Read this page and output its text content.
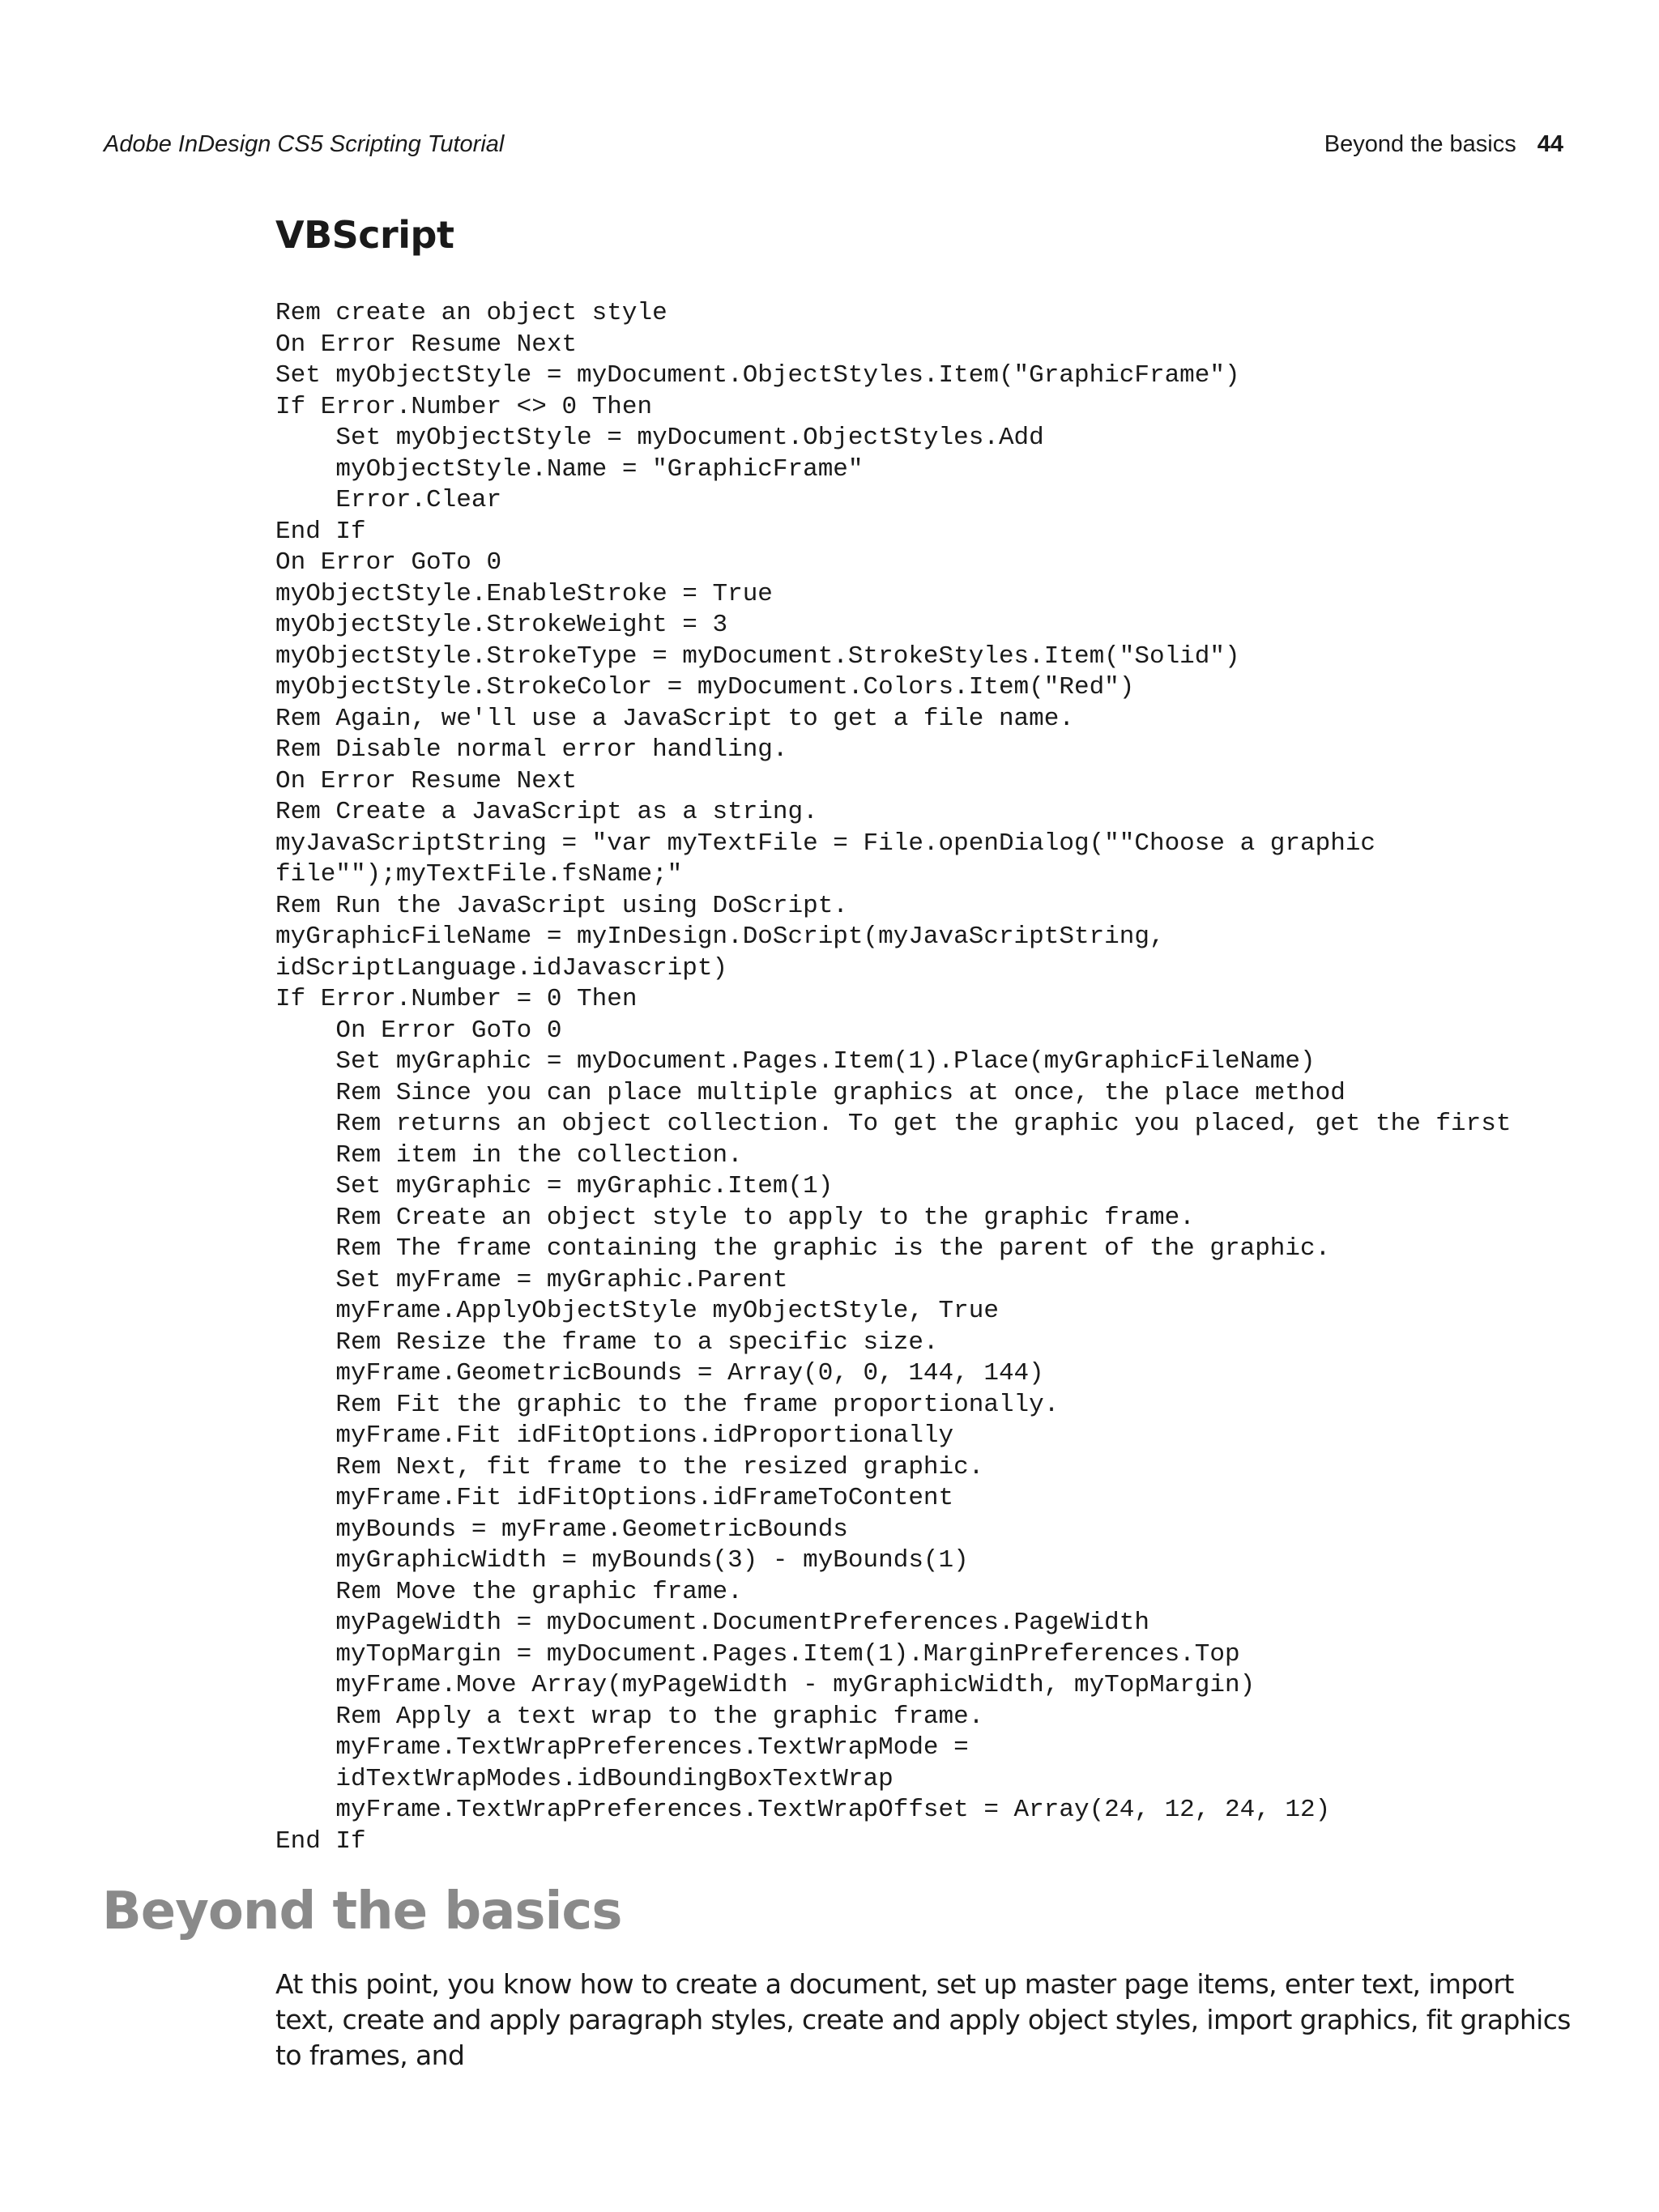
Adobe InDesign CS5 Scripting Tutorial	Beyond the basics 44
VBScript
Rem create an object style
On Error Resume Next
Set myObjectStyle = myDocument.ObjectStyles.Item("GraphicFrame")
If Error.Number <> 0 Then
Set myObjectStyle = myDocument.ObjectStyles.Add
myObjectStyle.Name = "GraphicFrame"
Error.Clear
End If
On Error GoTo 0
myObjectStyle.EnableStroke = True
myObjectStyle.StrokeWeight = 3
myObjectStyle.StrokeType = myDocument.StrokeStyles.Item("Solid")
myObjectStyle.StrokeColor = myDocument.Colors.Item("Red")
Rem Again, we'll use a JavaScript to get a file name.
Rem Disable normal error handling.
On Error Resume Next
Rem Create a JavaScript as a string.
myJavaScriptString = "var myTextFile = File.openDialog(""Choose a graphic
file"");myTextFile.fsName;"
Rem Run the JavaScript using DoScript.
myGraphicFileName = myInDesign.DoScript(myJavaScriptString,
idScriptLanguage.idJavascript)
If Error.Number = 0 Then
On Error GoTo 0
Set myGraphic = myDocument.Pages.Item(1).Place(myGraphicFileName)
Rem Since you can place multiple graphics at once, the place method
Rem returns an object collection. To get the graphic you placed, get the first
Rem item in the collection.
Set myGraphic = myGraphic.Item(1)
Rem Create an object style to apply to the graphic frame.
Rem The frame containing the graphic is the parent of the graphic.
Set myFrame = myGraphic.Parent
myFrame.ApplyObjectStyle myObjectStyle, True
Rem Resize the frame to a specific size.
myFrame.GeometricBounds = Array(0, 0, 144, 144)
Rem Fit the graphic to the frame proportionally.
myFrame.Fit idFitOptions.idProportionally
Rem Next, fit frame to the resized graphic.
myFrame.Fit idFitOptions.idFrameToContent
myBounds = myFrame.GeometricBounds
myGraphicWidth = myBounds(3) - myBounds(1)
Rem Move the graphic frame.
myPageWidth = myDocument.DocumentPreferences.PageWidth
myTopMargin = myDocument.Pages.Item(1).MarginPreferences.Top
myFrame.Move Array(myPageWidth - myGraphicWidth, myTopMargin)
Rem Apply a text wrap to the graphic frame.
myFrame.TextWrapPreferences.TextWrapMode =
idTextWrapModes.idBoundingBoxTextWrap
myFrame.TextWrapPreferences.TextWrapOffset = Array(24, 12, 24, 12)
End If
Beyond the basics

At this point, you know how to create a document, set up master page items, enter text, import text, create and apply paragraph styles, create and apply object styles, import graphics, fit graphics to frames, and
